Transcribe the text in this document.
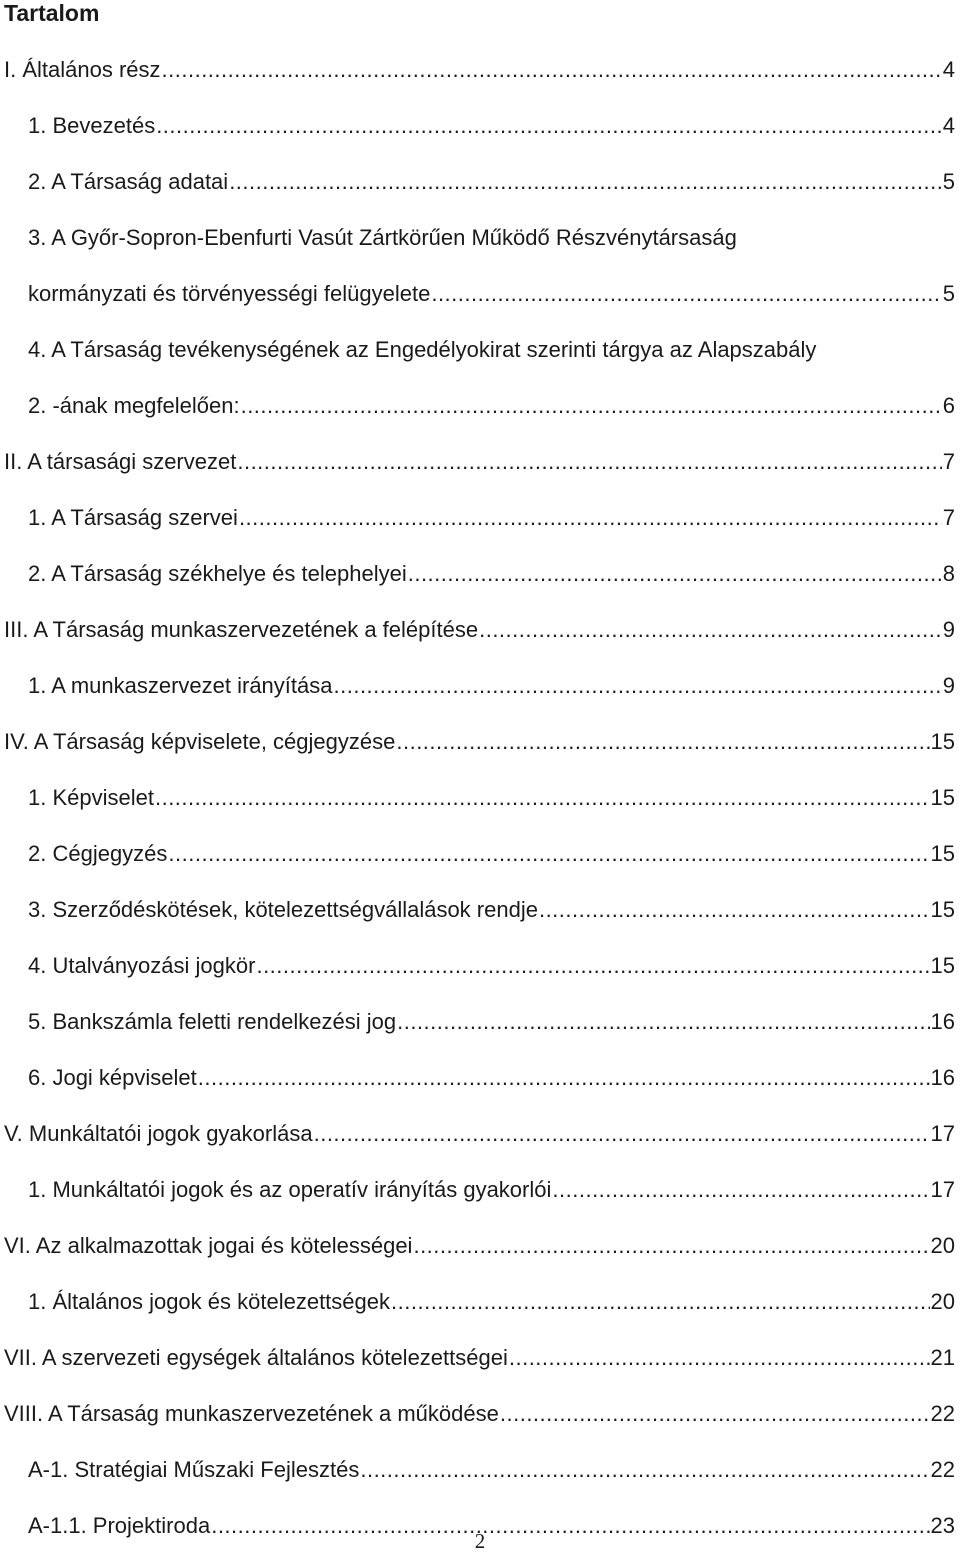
Tartalom
I. Általános rész .....	4
1. Bevezetés .....	4
2. A Társaság adatai .....	5
3. A Győr-Sopron-Ebenfurti Vasút Zártkörűen Működő Részvénytársaság
kormányzati és törvényességi felügyelete .....	5
4. A Társaság tevékenységének az Engedélyokirat szerinti tárgya az Alapszabály
2. -ának megfelelően: .....	6
II. A társasági szervezet .....	7
1. A Társaság szervei .....	7
2. A Társaság székhelye és telephelyei .....	8
III. A Társaság munkaszervezetének a felépítése .....	9
1. A munkaszervezet irányítása .....	9
IV. A Társaság képviselete, cégjegyzése .....	15
1. Képviselet .....	15
2. Cégjegyzés .....	15
3. Szerződéskötések, kötelezettségvállalások rendje .....	15
4. Utalványozási jogkör .....	15
5. Bankszámla feletti rendelkezési jog .....	16
6. Jogi képviselet .....	16
V. Munkáltatói jogok gyakorlása .....	17
1. Munkáltatói jogok és az operatív irányítás gyakorlói .....	17
VI. Az alkalmazottak jogai és kötelességei .....	20
1. Általános jogok és kötelezettségek .....	20
VII. A szervezeti egységek általános kötelezettségei .....	21
VIII. A Társaság munkaszervezetének a működése .....	22
A-1. Stratégiai Műszaki Fejlesztés .....	22
A-1.1. Projektiroda .....	23

2
